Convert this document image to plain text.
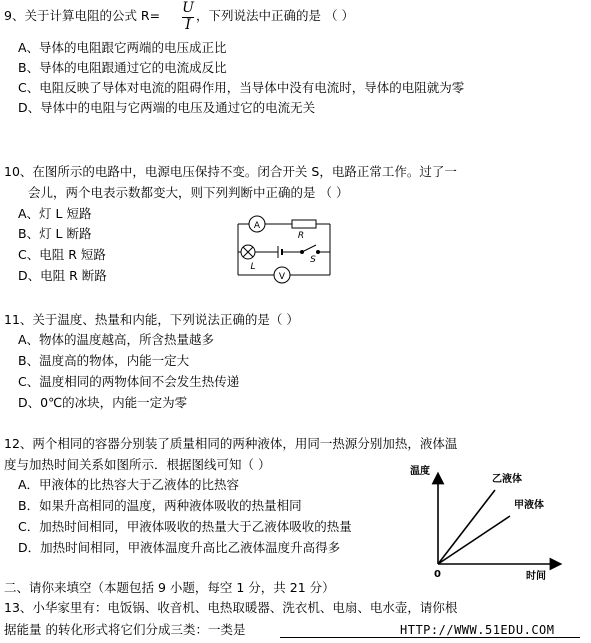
9、关于计算电阻的公式 R= U
I
，下列说法中正确的是 （ ）
A、导体的电阻跟它两端的电压成正比
B、导体的电阻跟通过它的电流成反比
C、电阻反映了导体对电流的阻碍作用，当导体中没有电流时，导体的电阻就为零
D、导体中的电阻与它两端的电压及通过它的电流无关
10、在图所示的电路中，电源电压保持不变。闭合开关 S，电路正常工作。过了一
会儿，两个电表示数都变大，则下列判断中正确的是 （ ）
A、灯 L 短路
B、灯 L 断路
C、电阻 R 短路
D、电阻 R 断路
A
R
L
S
V
11、关于温度、热量和内能，下列说法正确的是（ ）
A、物体的温度越高，所含热量越多
B、温度高的物体，内能一定大
C、温度相同的两物体间不会发生热传递
D、0℃的冰块，内能一定为零
12、两个相同的容器分别装了质量相同的两种液体，用同一热源分别加热，液体温
度与加热时间关系如图所示．根据图线可知（ ）
A．甲液体的比热容大于乙液体的比热容
B．如果升高相同的温度，两种液体吸收的热量相同
C．加热时间相同，甲液体吸收的热量大于乙液体吸收的热量
D．加热时间相同，甲液体温度升高比乙液体温度升高得多
温度
0	时间
乙液体
甲液体
二、请你来填空（本题包括 9 小题，每空 1 分，共 21 分）
13、小华家里有：电饭锅、收音机、电热取暖器、洗衣机、电扇、电水壶，请你根
据能量 的转化形式将它们分成三类：一类是	HTTP://WWW.51EDU.COM
